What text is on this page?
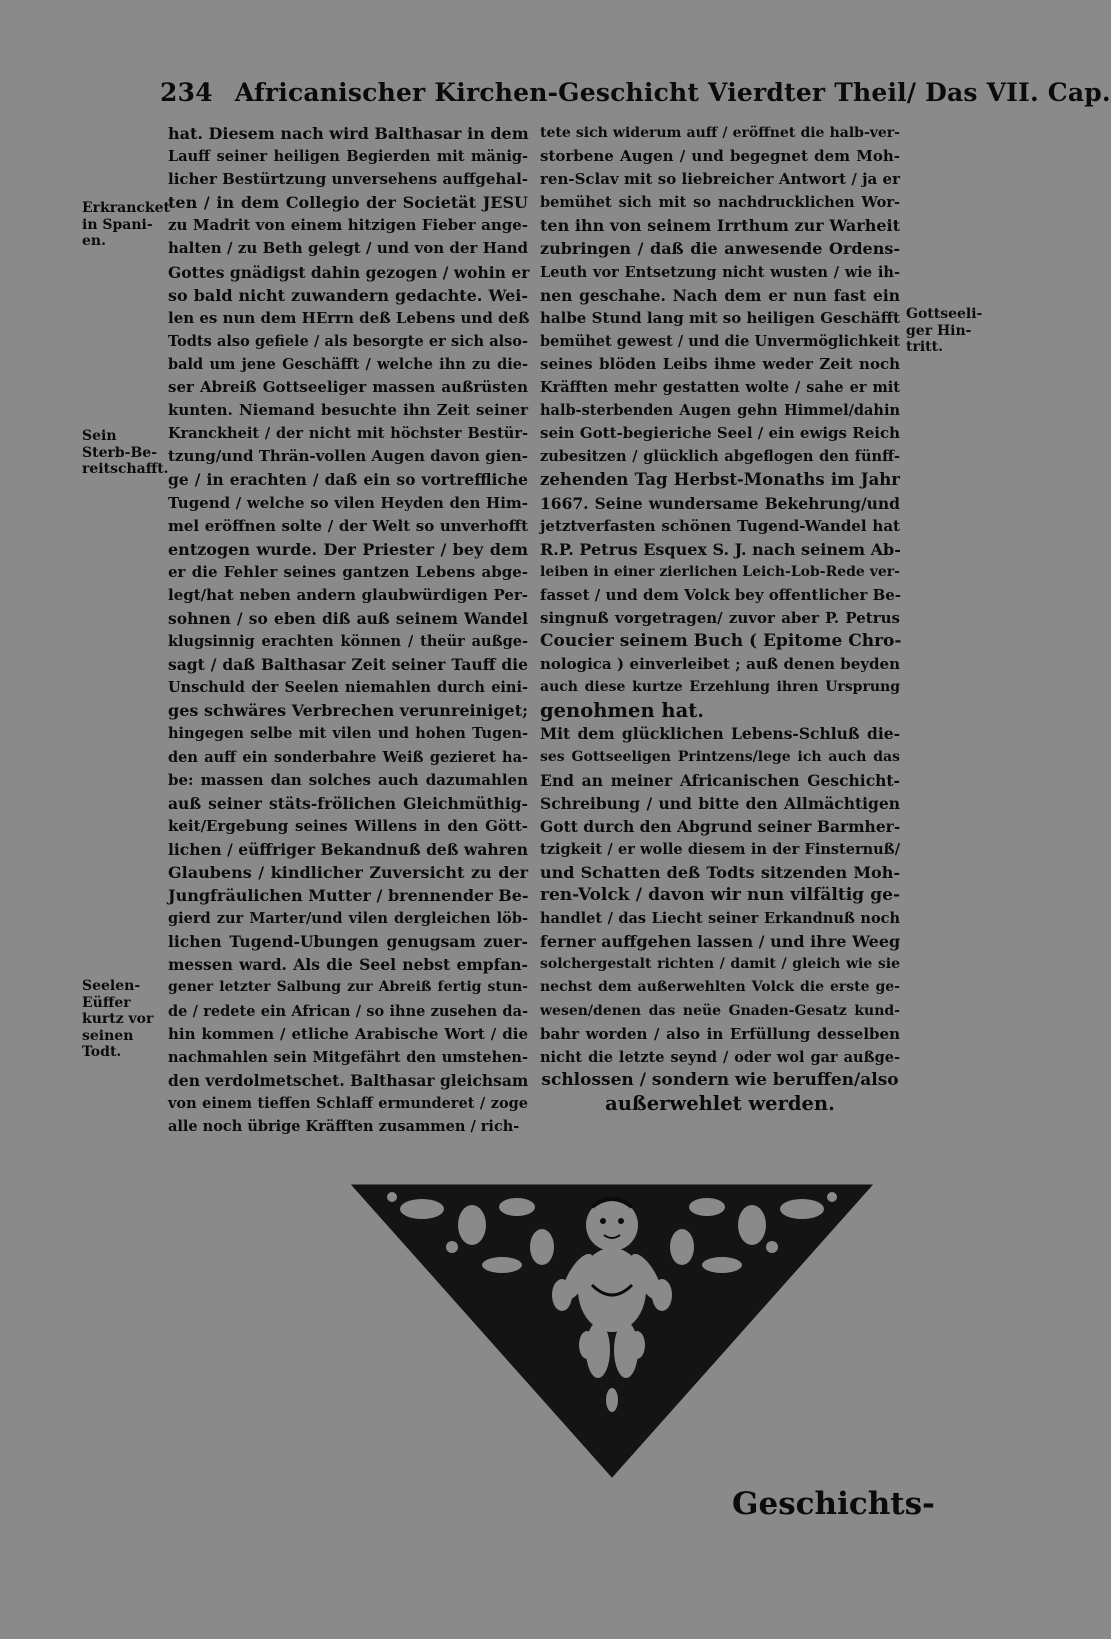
234 Africanischer Kirchen-Geschicht Vierdter Theil/ Das VII. Cap.
Erkrancket
in Spani-
en.
Sein
Sterb-Be-
reitschafft.
Seelen-
Eüffer
kurtz vor
seinen
Todt.
Gottseeli-
ger Hin-
tritt.
hat. Diesem nach wird Balthasar in dem
Lauff seiner heiligen Begierden mit mänig-
licher Bestürtzung unversehens auffgehal-
ten / in dem Collegio der Societät JESU
zu Madrit von einem hitzigen Fieber ange-
halten / zu Beth gelegt / und von der Hand
Gottes gnädigst dahin gezogen / wohin er
so bald nicht zuwandern gedachte. Wei-
len es nun dem HErrn deß Lebens und deß
Todts also gefiele / als besorgte er sich also-
bald um jene Geschäfft / welche ihn zu die-
ser Abreiß Gottseeliger massen außrüsten
kunten. Niemand besuchte ihn Zeit seiner
Kranckheit / der nicht mit höchster Bestür-
tzung/und Thrän-vollen Augen davon gien-
ge / in erachten / daß ein so vortreffliche
Tugend / welche so vilen Heyden den Him-
mel eröffnen solte / der Welt so unverhofft
entzogen wurde. Der Priester / bey dem
er die Fehler seines gantzen Lebens abge-
legt/hat neben andern glaubwürdigen Per-
sohnen / so eben diß auß seinem Wandel
klugsinnig erachten können / theür außge-
sagt / daß Balthasar Zeit seiner Tauff die
Unschuld der Seelen niemahlen durch eini-
ges schwäres Verbrechen verunreiniget;
hingegen selbe mit vilen und hohen Tugen-
den auff ein sonderbahre Weiß gezieret ha-
be: massen dan solches auch dazumahlen
auß seiner stäts-frölichen Gleichmüthig-
keit/Ergebung seines Willens in den Gött-
lichen / eüffriger Bekandnuß deß wahren
Glaubens / kindlicher Zuversicht zu der
Jungfräulichen Mutter / brennender Be-
gierd zur Marter/und vilen dergleichen löb-
lichen Tugend-Ubungen genugsam zuer-
messen ward. Als die Seel nebst empfan-
gener letzter Salbung zur Abreiß fertig stun-
de / redete ein African / so ihne zusehen da-
hin kommen / etliche Arabische Wort / die
nachmahlen sein Mitgefährt den umstehen-
den verdolmetschet. Balthasar gleichsam
von einem tieffen Schlaff ermunderet / zoge
alle noch übrige Kräfften zusammen / rich-
tete sich widerum auff / eröffnet die halb-ver-
storbene Augen / und begegnet dem Moh-
ren-Sclav mit so liebreicher Antwort / ja er
bemühet sich mit so nachdrucklichen Wor-
ten ihn von seinem Irrthum zur Warheit
zubringen / daß die anwesende Ordens-
Leuth vor Entsetzung nicht wusten / wie ih-
nen geschahe. Nach dem er nun fast ein
halbe Stund lang mit so heiligen Geschäfft
bemühet gewest / und die Unvermöglichkeit
seines blöden Leibs ihme weder Zeit noch
Kräfften mehr gestatten wolte / sahe er mit
halb-sterbenden Augen gehn Himmel/dahin
sein Gott-begieriche Seel / ein ewigs Reich
zubesitzen / glücklich abgeflogen den fünff-
zehenden Tag Herbst-Monaths im Jahr
1667. Seine wundersame Bekehrung/und
jetztverfasten schönen Tugend-Wandel hat
R.P. Petrus Esquex S. J. nach seinem Ab-
leiben in einer zierlichen Leich-Lob-Rede ver-
fasset / und dem Volck bey offentlicher Be-
singnuß vorgetragen/ zuvor aber P. Petrus
Coucier seinem Buch ( Epitome Chro-
nologica ) einverleibet ; auß denen beyden
auch diese kurtze Erzehlung ihren Ursprung
genohmen hat.
Mit dem glücklichen Lebens-Schluß die-
ses Gottseeligen Printzens/lege ich auch das
End an meiner Africanischen Geschicht-
Schreibung / und bitte den Allmächtigen
Gott durch den Abgrund seiner Barmher-
tzigkeit / er wolle diesem in der Finsternuß/
und Schatten deß Todts sitzenden Moh-
ren-Volck / davon wir nun vilfältig ge-
handlet / das Liecht seiner Erkandnuß noch
ferner auffgehen lassen / und ihre Weeg
solchergestalt richten / damit / gleich wie sie
nechst dem außerwehlten Volck die erste ge-
wesen/denen das neüe Gnaden-Gesatz kund-
bahr worden / also in Erfüllung desselben
nicht die letzte seynd / oder wol gar außge-
schlossen / sondern wie beruffen/also
außerwehlet werden.
Geschichts-
